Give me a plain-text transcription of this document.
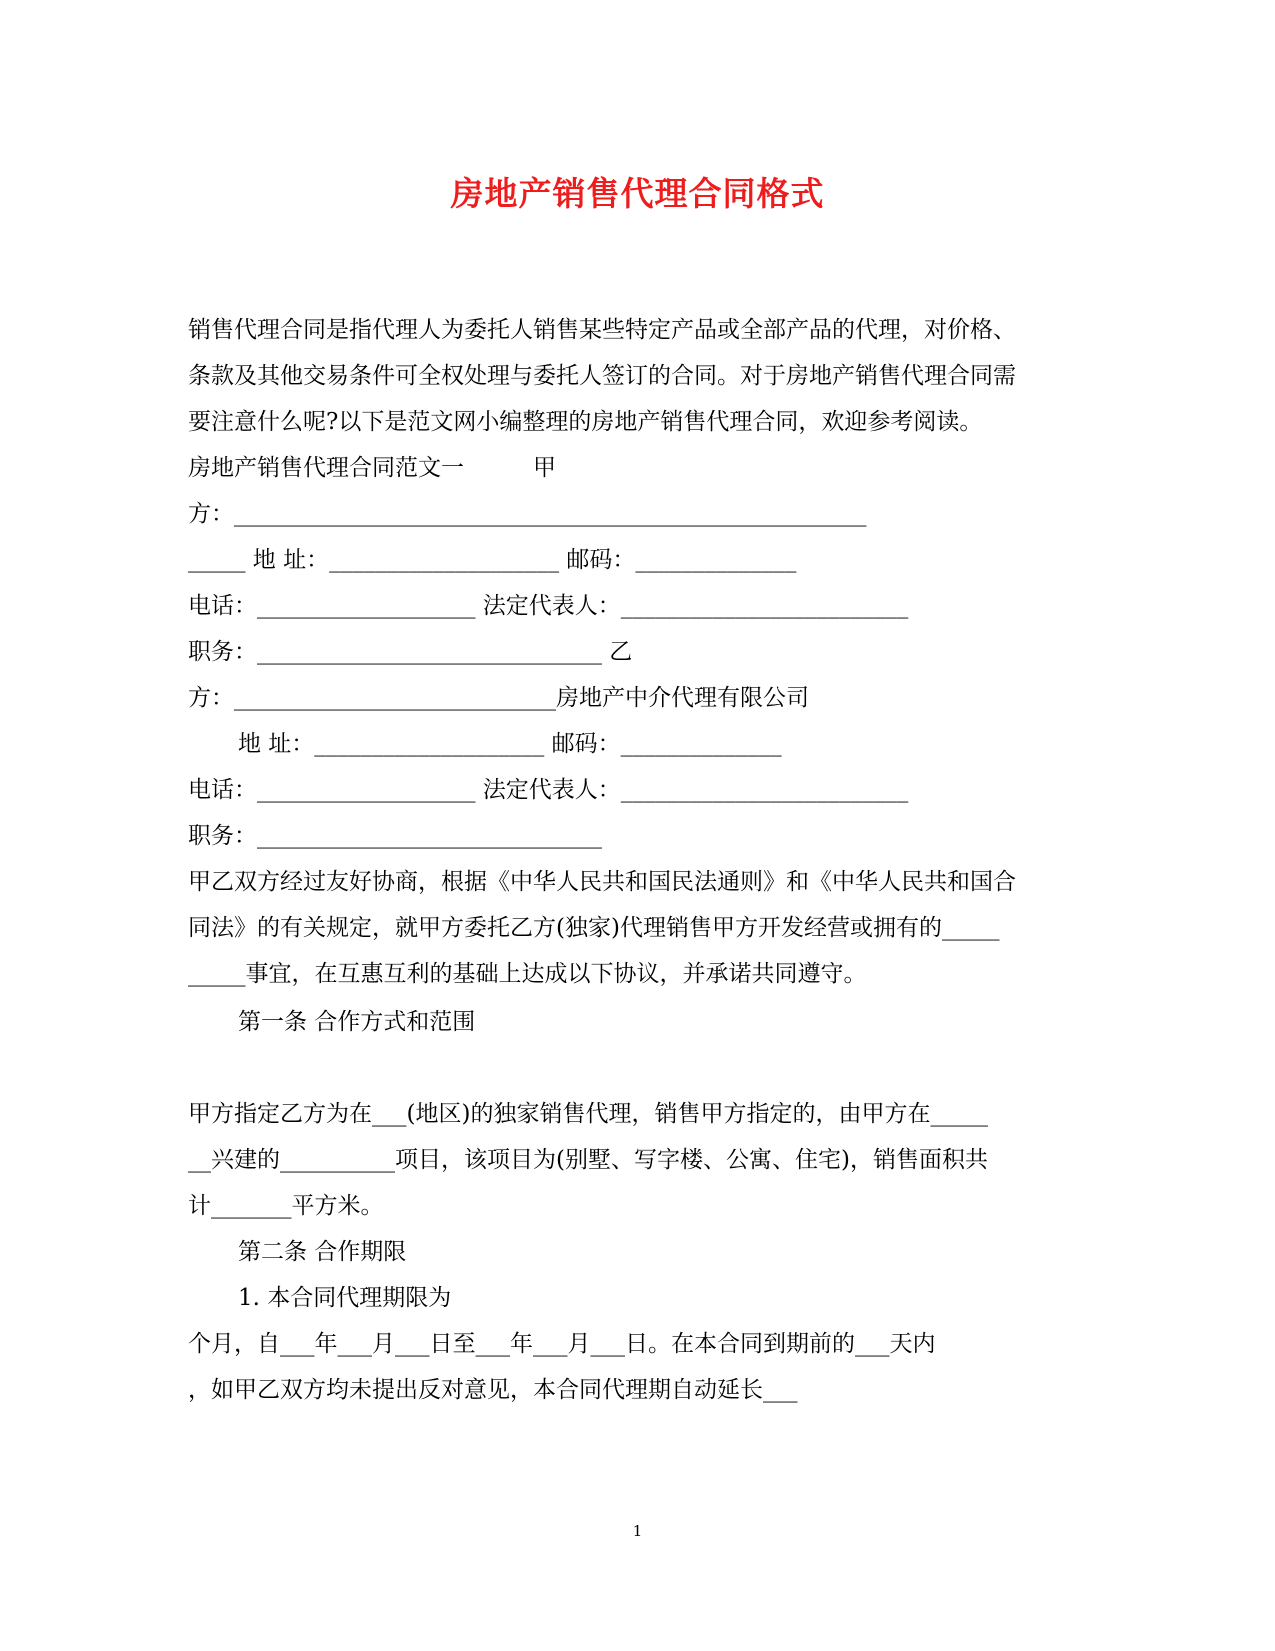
房地产销售代理合同格式
销售代理合同是指代理人为委托人销售某些特定产品或全部产品的代理，对价格、
条款及其他交易条件可全权处理与委托人签订的合同。对于房地产销售代理合同需
要注意什么呢?以下是范文网小编整理的房地产销售代理合同，欢迎参考阅读。
房地产销售代理合同范文一　　　甲
方：_______________________________________________________
_____ 地 址：____________________ 邮码：______________
电话：___________________ 法定代表人：_________________________
职务：______________________________ 乙
方：____________________________房地产中介代理有限公司
地 址：____________________ 邮码：______________
电话：___________________ 法定代表人：_________________________
职务：______________________________
甲乙双方经过友好协商，根据《中华人民共和国民法通则》和《中华人民共和国合
同法》的有关规定，就甲方委托乙方(独家)代理销售甲方开发经营或拥有的_____
_____事宜，在互惠互利的基础上达成以下协议，并承诺共同遵守。
第一条 合作方式和范围
甲方指定乙方为在___(地区)的独家销售代理，销售甲方指定的，由甲方在_____
__兴建的__________项目，该项目为(别墅、写字楼、公寓、住宅)，销售面积共
计_______平方米。
第二条 合作期限
1. 本合同代理期限为
个月，自___年___月___日至___年___月___日。在本合同到期前的___天内
，如甲乙双方均未提出反对意见，本合同代理期自动延长___
1
